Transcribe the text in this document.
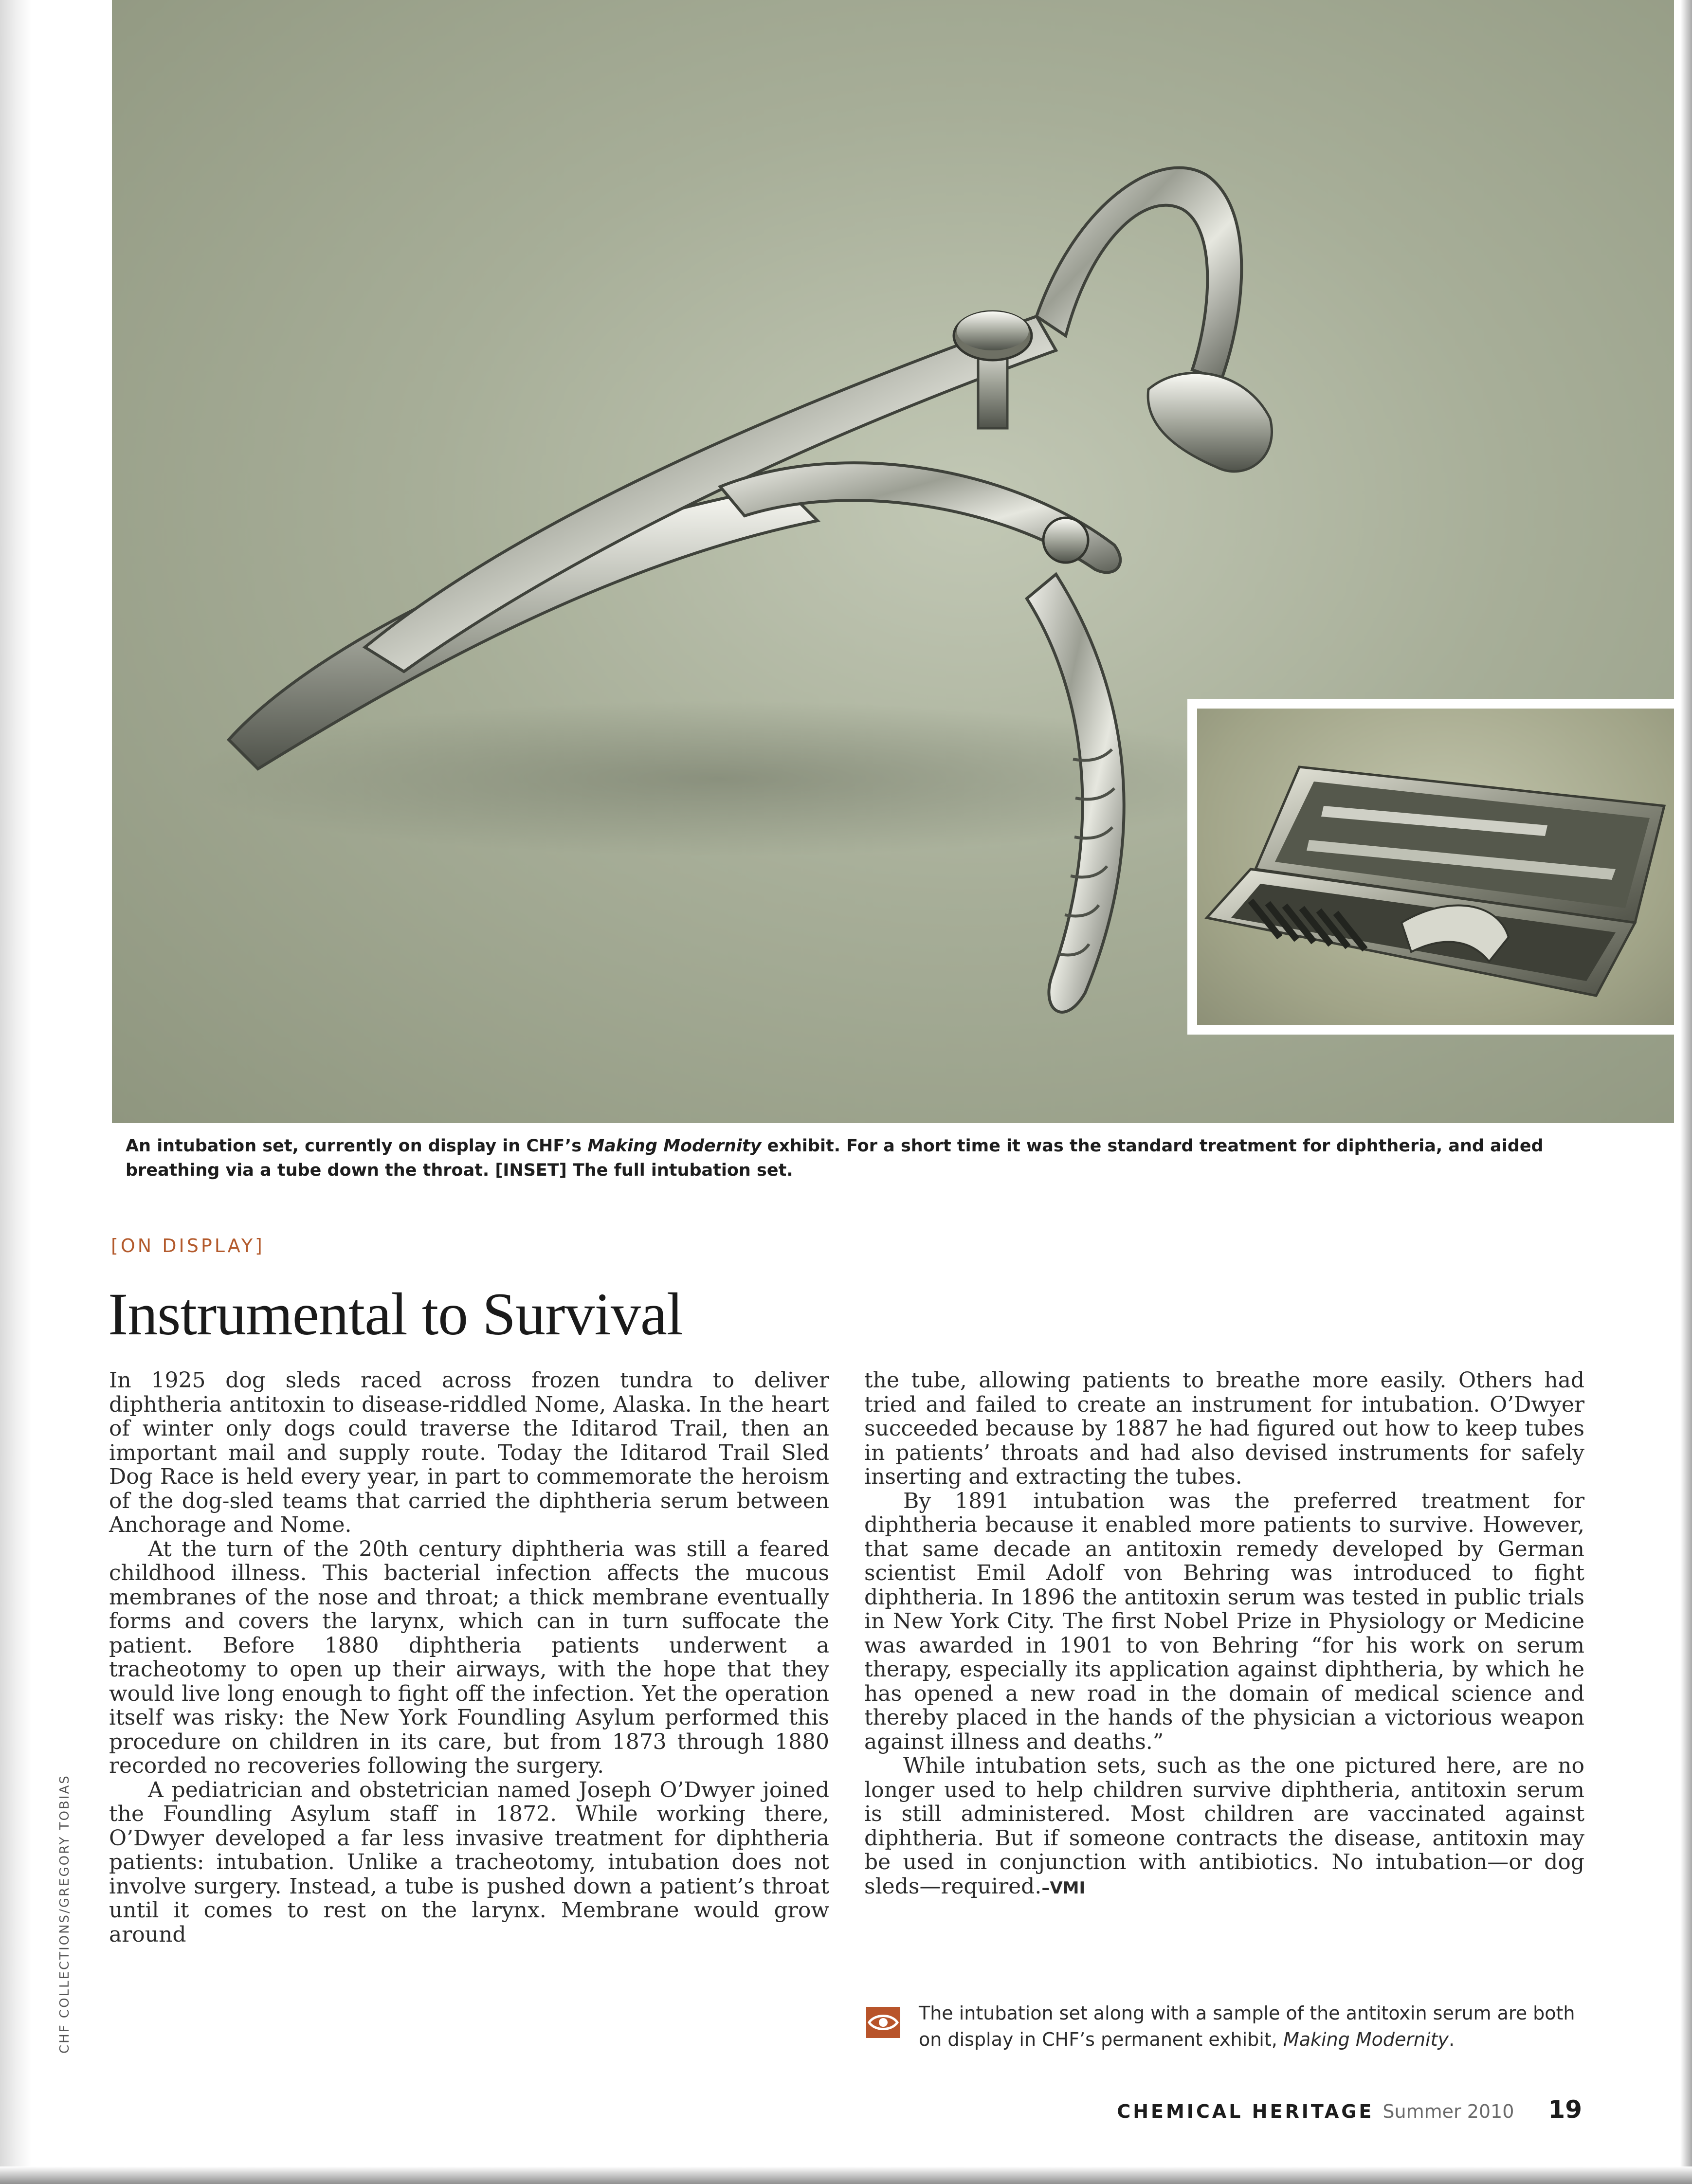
An intubation set, currently on display in CHF’s Making Modernity exhibit. For a short time it was the standard treatment for diphtheria, and aided breathing via a tube down the throat. [INSET] The full intubation set.
[ON DISPLAY]
Instrumental to Survival

In 1925 dog sleds raced across frozen tundra to deliver diphtheria antitoxin to disease-riddled Nome, Alaska. In the heart of winter only dogs could traverse the Iditarod Trail, then an important mail and supply route. Today the Iditarod Trail Sled Dog Race is held every year, in part to commemorate the heroism of the dog-sled teams that carried the diphtheria serum between Anchorage and Nome.

At the turn of the 20th century diphtheria was still a feared childhood illness. This bacterial infection affects the mucous membranes of the nose and throat; a thick membrane eventually forms and covers the larynx, which can in turn suffocate the patient. Before 1880 diphtheria patients underwent a tracheotomy to open up their airways, with the hope that they would live long enough to fight off the infection. Yet the operation itself was risky: the New York Foundling Asylum performed this procedure on children in its care, but from 1873 through 1880 recorded no recoveries following the surgery.

A pediatrician and obstetrician named Joseph O’Dwyer joined the Foundling Asylum staff in 1872. While working there, O’Dwyer developed a far less invasive treatment for diphtheria patients: intubation. Unlike a tracheotomy, intubation does not involve surgery. Instead, a tube is pushed down a patient’s throat until it comes to rest on the larynx. Membrane would grow around

the tube, allowing patients to breathe more easily. Others had tried and failed to create an instrument for intubation. O’Dwyer succeeded because by 1887 he had figured out how to keep tubes in patients’ throats and had also devised instruments for safely inserting and extracting the tubes.

By 1891 intubation was the preferred treatment for diphtheria because it enabled more patients to survive. However, that same decade an antitoxin remedy developed by German scientist Emil Adolf von Behring was introduced to fight diphtheria. In 1896 the antitoxin serum was tested in public trials in New York City. The first Nobel Prize in Physiology or Medicine was awarded in 1901 to von Behring “for his work on serum therapy, especially its application against diphtheria, by which he has opened a new road in the domain of medical science and thereby placed in the hands of the physician a victorious weapon against illness and deaths.”

While intubation sets, such as the one pictured here, are no longer used to help children survive diphtheria, antitoxin serum is still administered. Most children are vaccinated against diphtheria. But if someone contracts the disease, antitoxin may be used in conjunction with antibiotics. No intubation—or dog sleds—required.–VMI

The intubation set along with a sample of the antitoxin serum are both on display in CHF’s permanent exhibit, Making Modernity.
CHF COLLECTIONS/GREGORY TOBIAS
CHEMICAL HERITAGE Summer 2010 19
